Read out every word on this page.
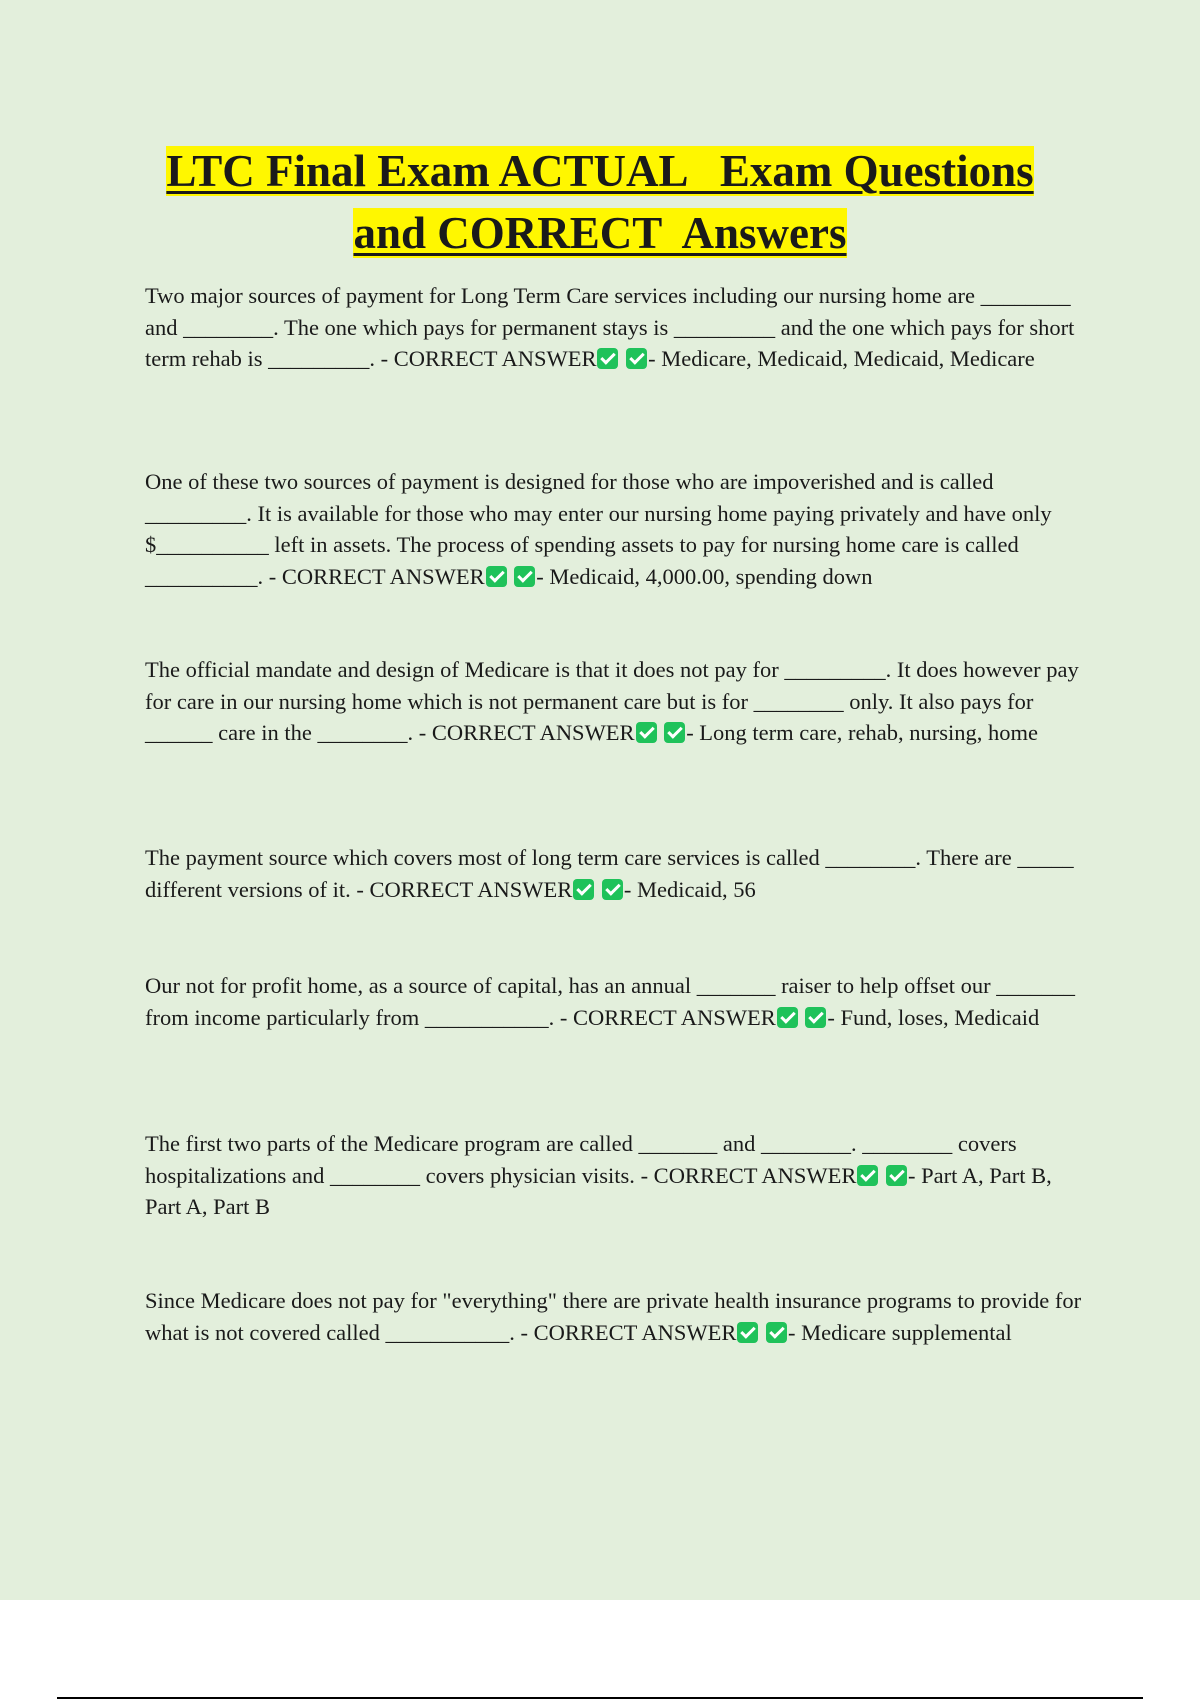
LTC Final Exam ACTUAL   Exam Questions
and CORRECT  Answers

Two major sources of payment for Long Term Care services including our nursing home are ________ and ________. The one which pays for permanent stays is _________ and the one which pays for short term rehab is _________. - CORRECT ANSWER - Medicare, Medicaid, Medicaid, Medicare

One of these two sources of payment is designed for those who are impoverished and is called _________. It is available for those who may enter our nursing home paying privately and have only $__________ left in assets. The process of spending assets to pay for nursing home care is called __________. - CORRECT ANSWER - Medicaid, 4,000.00, spending down

The official mandate and design of Medicare is that it does not pay for _________. It does however pay for care in our nursing home which is not permanent care but is for ________ only. It also pays for ______ care in the ________. - CORRECT ANSWER - Long term care, rehab, nursing, home

The payment source which covers most of long term care services is called ________. There are _____ different versions of it. - CORRECT ANSWER - Medicaid, 56

Our not for profit home, as a source of capital, has an annual _______ raiser to help offset our _______ from income particularly from ___________. - CORRECT ANSWER - Fund, loses, Medicaid

The first two parts of the Medicare program are called _______ and ________. ________ covers hospitalizations and ________ covers physician visits. - CORRECT ANSWER - Part A, Part B, Part A, Part B

Since Medicare does not pay for "everything" there are private health insurance programs to provide for what is not covered called ___________. - CORRECT ANSWER - Medicare supplemental
